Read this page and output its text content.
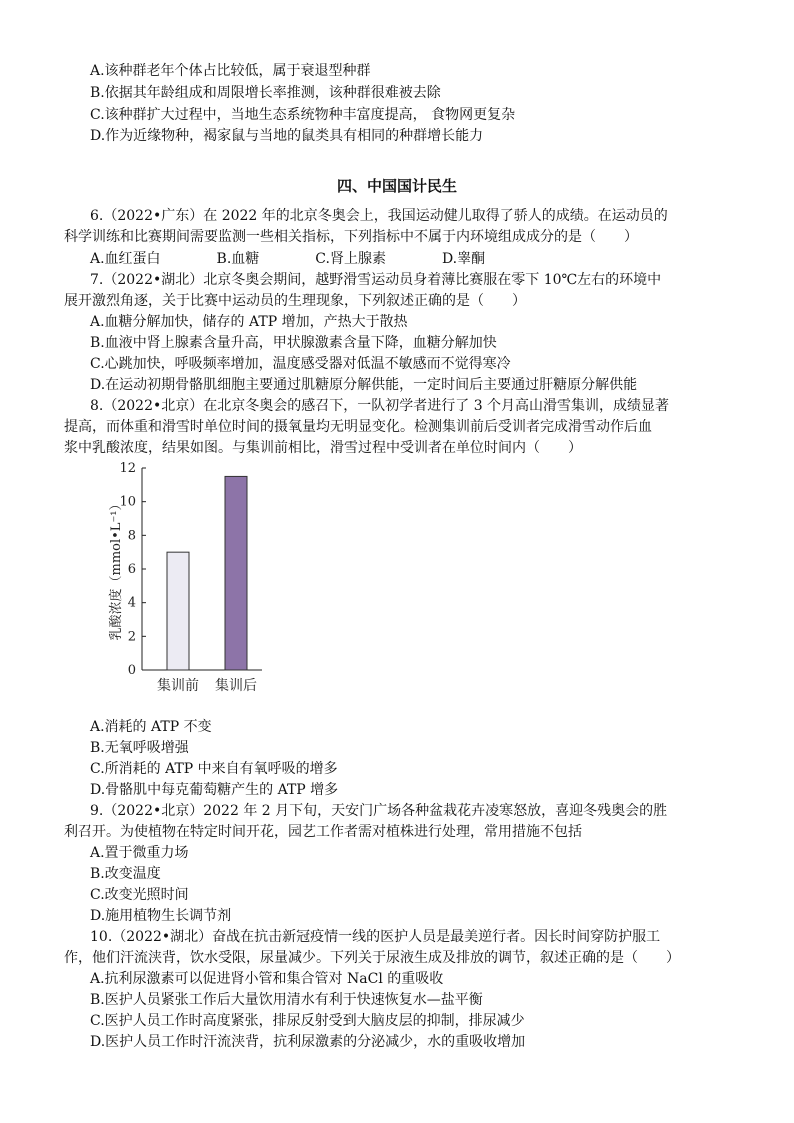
A.该种群老年个体占比较低，属于衰退型种群
B.依据其年龄组成和周限增长率推测，该种群很难被去除
C.该种群扩大过程中，当地生态系统物种丰富度提高， 食物网更复杂
D.作为近缘物种，褐家鼠与当地的鼠类具有相同的种群增长能力
四、中国国计民生
6.（2022•广东）在 2022 年的北京冬奥会上，我国运动健儿取得了骄人的成绩。在运动员的
科学训练和比赛期间需要监测一些相关指标，下列指标中不属于内环境组成成分的是（　　）
A.血红蛋白　　　　B.血糖　　　　C.肾上腺素　　　　D.睾酮
7.（2022•湖北）北京冬奥会期间，越野滑雪运动员身着薄比赛服在零下 10℃左右的环境中
展开激烈角逐，关于比赛中运动员的生理现象，下列叙述正确的是（　　）
A.血糖分解加快，储存的 ATP 增加，产热大于散热
B.血液中肾上腺素含量升高，甲状腺激素含量下降，血糖分解加快
C.心跳加快，呼吸频率增加，温度感受器对低温不敏感而不觉得寒冷
D.在运动初期骨骼肌细胞主要通过肌糖原分解供能，一定时间后主要通过肝糖原分解供能
8.（2022•北京）在北京冬奥会的感召下，一队初学者进行了 3 个月高山滑雪集训，成绩显著
提高，而体重和滑雪时单位时间的摄氧量均无明显变化。检测集训前后受训者完成滑雪动作后血
浆中乳酸浓度，结果如图。与集训前相比，滑雪过程中受训者在单位时间内（　　）
0
2
4
6
8
10
12
集训前 集训后
乳酸浓度（mmol•L⁻¹）
A.消耗的 ATP 不变
B.无氧呼吸增强
C.所消耗的 ATP 中来自有氧呼吸的增多
D.骨骼肌中每克葡萄糖产生的 ATP 增多
9.（2022•北京）2022 年 2 月下旬，天安门广场各种盆栽花卉凌寒怒放，喜迎冬残奥会的胜
利召开。为使植物在特定时间开花，园艺工作者需对植株进行处理，常用措施不包括
A.置于微重力场
B.改变温度
C.改变光照时间
D.施用植物生长调节剂
10.（2022•湖北）奋战在抗击新冠疫情一线的医护人员是最美逆行者。因长时间穿防护服工
作，他们汗流浃背，饮水受限，尿量减少。下列关于尿液生成及排放的调节，叙述正确的是（　　）
A.抗利尿激素可以促进肾小管和集合管对 NaCl 的重吸收
B.医护人员紧张工作后大量饮用清水有利于快速恢复水—盐平衡
C.医护人员工作时高度紧张，排尿反射受到大脑皮层的抑制，排尿减少
D.医护人员工作时汗流浃背，抗利尿激素的分泌减少，水的重吸收增加
